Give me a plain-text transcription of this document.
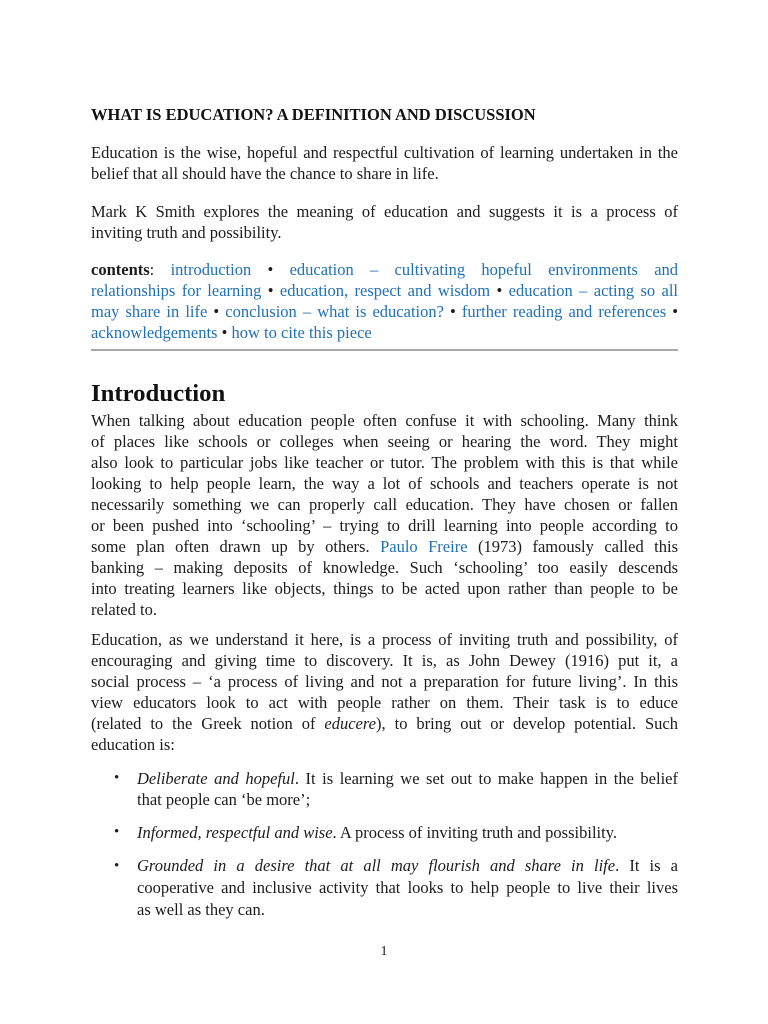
WHAT IS EDUCATION? A DEFINITION AND DISCUSSION
Education is the wise, hopeful and respectful cultivation of learning undertaken in the
belief that all should have the chance to share in life.
Mark K Smith explores the meaning of education and suggests it is a process of
inviting truth and possibility.
contents: introduction • education – cultivating hopeful environments and
relationships for learning • education, respect and wisdom • education – acting so all
may share in life • conclusion – what is education? • further reading and references •
acknowledgements • how to cite this piece
Introduction
When talking about education people often confuse it with schooling. Many think
of places like schools or colleges when seeing or hearing the word. They might
also look to particular jobs like teacher or tutor. The problem with this is that while
looking to help people learn, the way a lot of schools and teachers operate is not
necessarily something we can properly call education. They have chosen or fallen
or been pushed into ‘schooling’ – trying to drill learning into people according to
some plan often drawn up by others. Paulo Freire (1973) famously called this
banking – making deposits of knowledge. Such ‘schooling’ too easily descends
into treating learners like objects, things to be acted upon rather than people to be
related to.
Education, as we understand it here, is a process of inviting truth and possibility, of
encouraging and giving time to discovery. It is, as John Dewey (1916) put it, a
social process – ‘a process of living and not a preparation for future living’. In this
view educators look to act with people rather on them. Their task is to educe
(related to the Greek notion of educere), to bring out or develop potential. Such
education is:
• Deliberate and hopeful. It is learning we set out to make happen in the belief
that people can ‘be more’;
• Informed, respectful and wise. A process of inviting truth and possibility.
• Grounded in a desire that at all may flourish and share in life. It is a
cooperative and inclusive activity that looks to help people to live their lives
as well as they can.
1
